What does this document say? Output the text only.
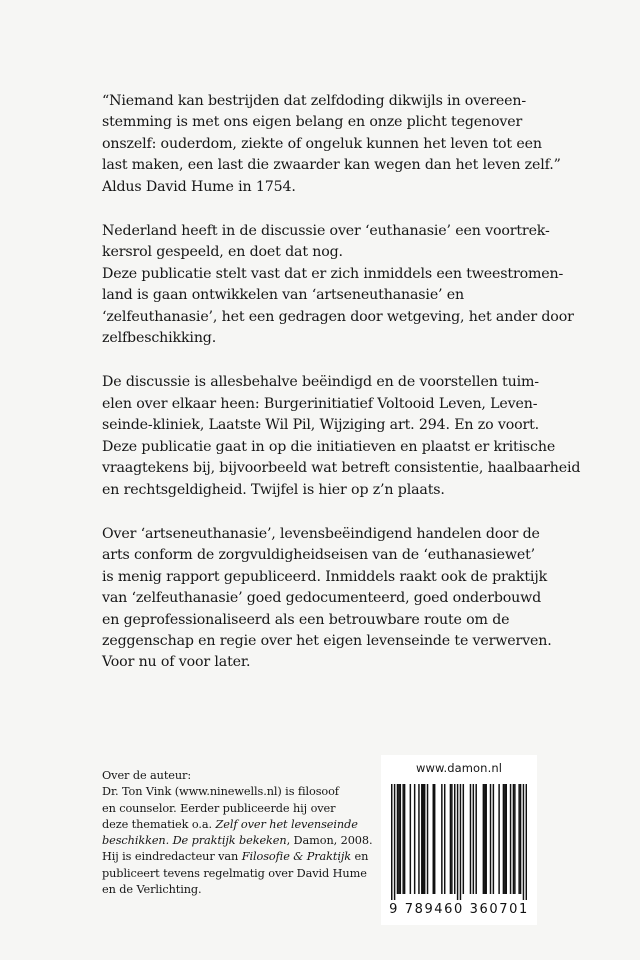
“Niemand kan bestrijden dat zelfdoding dikwijls in overeen-
stemming is met ons eigen belang en onze plicht tegenover
onszelf: ouderdom, ziekte of ongeluk kunnen het leven tot een
last maken, een last die zwaarder kan wegen dan het leven zelf.”
Aldus David Hume in 1754.

Nederland heeft in de discussie over ‘euthanasie’ een voortrek-
kersrol gespeeld, en doet dat nog.
Deze publicatie stelt vast dat er zich inmiddels een tweestromen-
land is gaan ontwikkelen van ‘artseneuthanasie’ en
‘zelfeuthanasie’, het een gedragen door wetgeving, het ander door
zelfbeschikking.

De discussie is allesbehalve beëindigd en de voorstellen tuim-
elen over elkaar heen: Burgerinitiatief Voltooid Leven, Leven-
seinde-kliniek, Laatste Wil Pil, Wijziging art. 294. En zo voort.
Deze publicatie gaat in op die initiatieven en plaatst er kritische
vraagtekens bij, bijvoorbeeld wat betreft consistentie, haalbaarheid
en rechtsgeldigheid. Twijfel is hier op z’n plaats.

Over ‘artseneuthanasie’, levensbeëindigend handelen door de
arts conform de zorgvuldigheidseisen van de ‘euthanasiewet’
is menig rapport gepubliceerd. Inmiddels raakt ook de praktijk
van ‘zelfeuthanasie’ goed gedocumenteerd, goed onderbouwd
en geprofessionaliseerd als een betrouwbare route om de
zeggenschap en regie over het eigen levenseinde te verwerven.
Voor nu of voor later.

Over de auteur:
Dr. Ton Vink (www.ninewells.nl) is filosoof
en counselor. Eerder publiceerde hij over
deze thematiek o.a. Zelf over het levenseinde
beschikken. De praktijk bekeken, Damon, 2008.
Hij is eindredacteur van Filosofie & Praktijk en
publiceert tevens regelmatig over David Hume
en de Verlichting.
www.damon.nl
9 789460 360701
